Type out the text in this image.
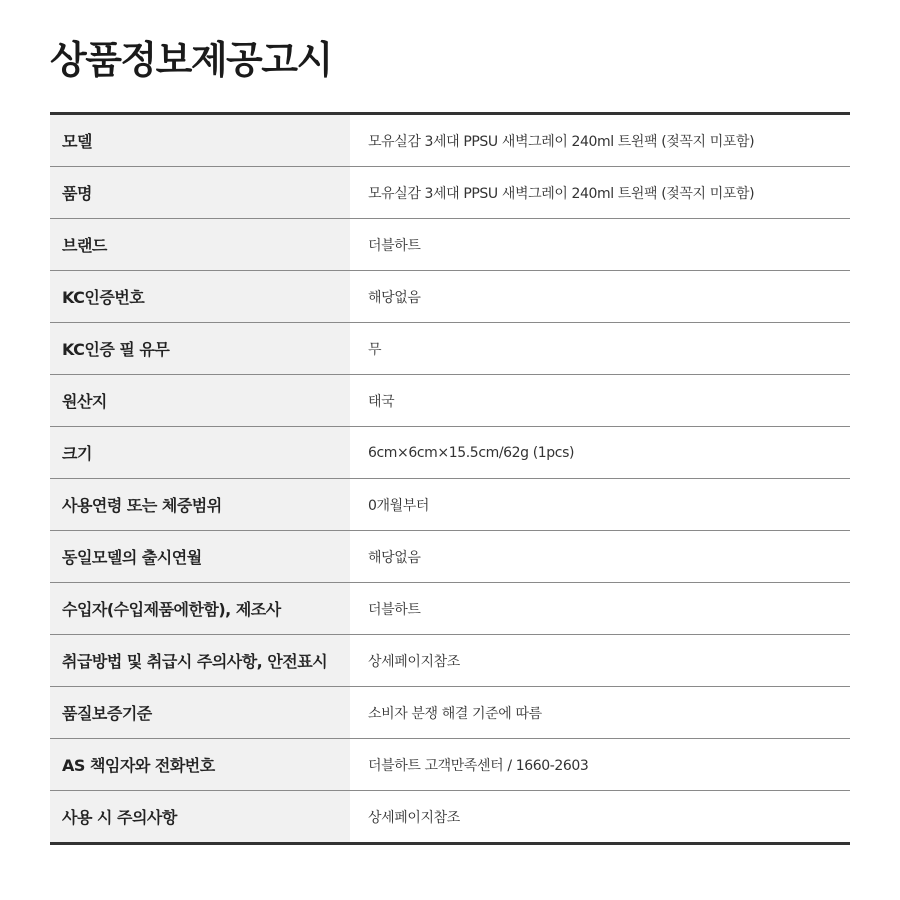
상품정보제공고시
모델	모유실감 3세대 PPSU 새벽그레이 240ml 트윈팩 (젖꼭지 미포함)
품명	모유실감 3세대 PPSU 새벽그레이 240ml 트윈팩 (젖꼭지 미포함)
브랜드	더블하트
KC인증번호	해당없음
KC인증 필 유무	무
원산지	태국
크기	6cm×6cm×15.5cm/62g (1pcs)
사용연령 또는 체중범위	0개월부터
동일모델의 출시연월	해당없음
수입자(수입제품에한함), 제조사	더블하트
취급방법 및 취급시 주의사항, 안전표시	상세페이지참조
품질보증기준	소비자 분쟁 해결 기준에 따름
AS 책임자와 전화번호	더블하트 고객만족센터 / 1660-2603
사용 시 주의사항	상세페이지참조
